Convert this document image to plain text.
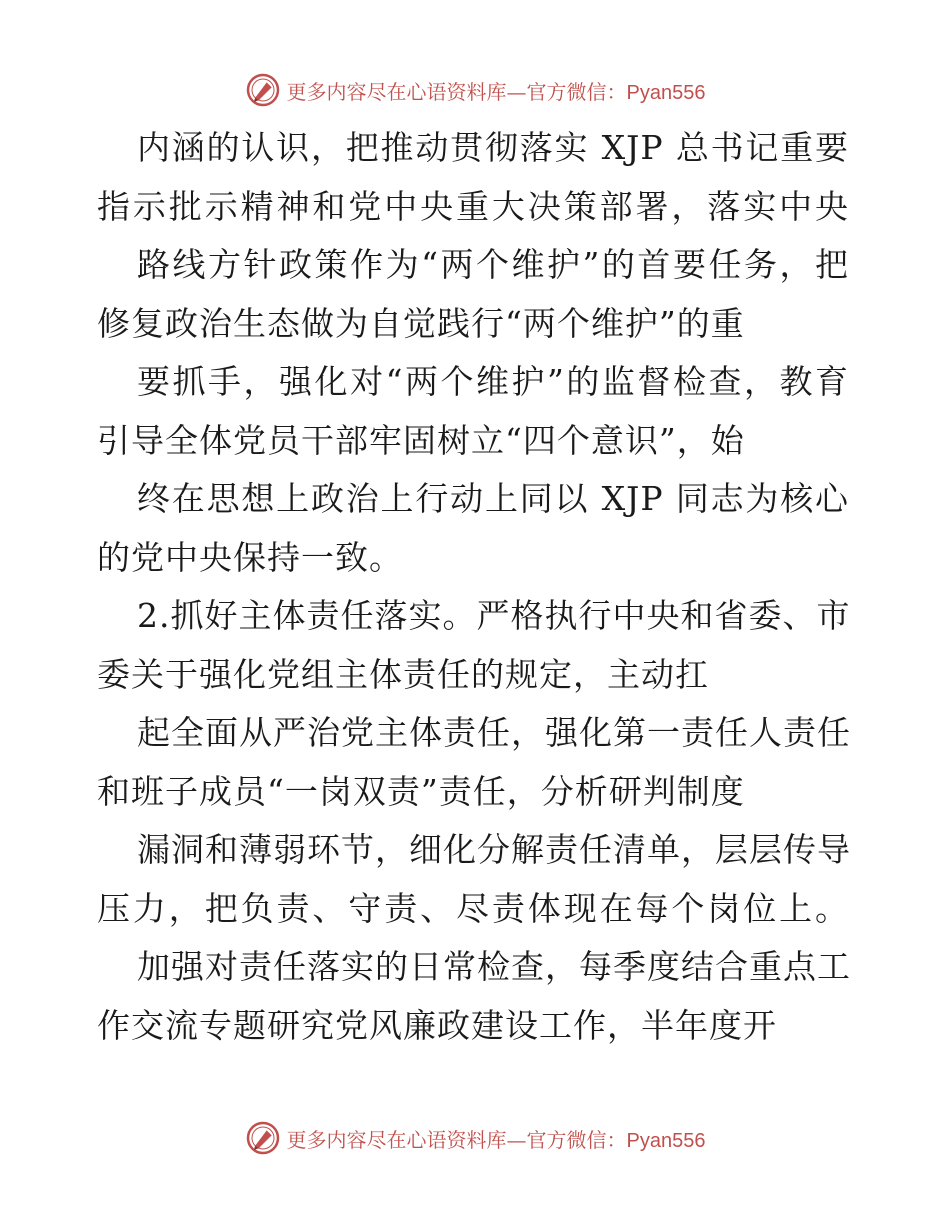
更多内容尽在心语资料库—官方微信：Pyan556
内涵的认识，把推动贯彻落实 XJP 总书记重要
指示批示精神和党中央重大决策部署，落实中央
路线方针政策作为“两个维护”的首要任务，把
修复政治生态做为自觉践行“两个维护”的重
要抓手，强化对“两个维护”的监督检查，教育
引导全体党员干部牢固树立“四个意识”，始
终在思想上政治上行动上同以 XJP 同志为核心
的党中央保持一致。
2.抓好主体责任落实。严格执行中央和省委、市
委关于强化党组主体责任的规定，主动扛
起全面从严治党主体责任，强化第一责任人责任
和班子成员“一岗双责”责任，分析研判制度
漏洞和薄弱环节，细化分解责任清单，层层传导
压力，把负责、守责、尽责体现在每个岗位上。
加强对责任落实的日常检查，每季度结合重点工
作交流专题研究党风廉政建设工作，半年度开
更多内容尽在心语资料库—官方微信：Pyan556
